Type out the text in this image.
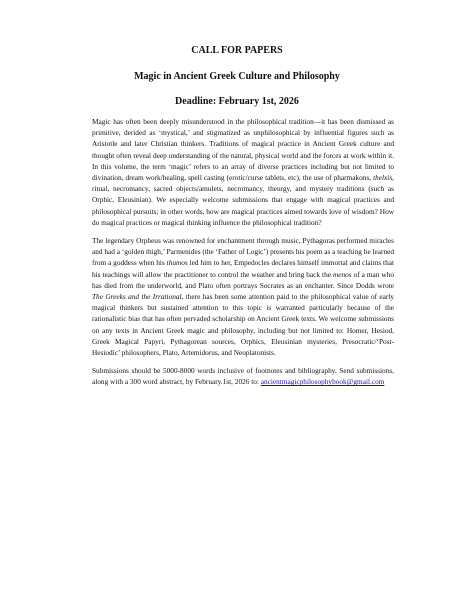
CALL FOR PAPERS

Magic in Ancient Greek Culture and Philosophy

Deadline: February 1st, 2026

Magic has often been deeply misunderstood in the philosophical tradition—it has been dismissed as primitive, derided as ‘mystical,’ and stigmatized as unphilosophical by influential figures such as Aristotle and later Christian thinkers. Traditions of magical practice in Ancient Greek culture and thought often reveal deep understanding of the natural, physical world and the forces at work within it. In this volume, the term ‘magic’ refers to an array of diverse practices including but not limited to divination, dream work/healing, spell casting (erotic/curse tablets, etc), the use of pharmakons, thelxis, ritual, necromancy, sacred objects/amulets, necromancy, theurgy, and mystery traditions (such as Orphic, Eleusinian). We especially welcome submissions that engage with magical practices and philosophical pursuits; in other words, how are magical practices aimed towards love of wisdom? How do magical practices or magical thinking influence the philosophical tradition?

The legendary Orpheus was renowned for enchantment through music, Pythagoras performed miracles and had a ‘golden thigh,’ Parmenides (the ‘Father of Logic’) presents his poem as a teaching he learned from a goddess when his thumos led him to her, Empedocles declares himself immortal and claims that his teachings will allow the practitioner to control the weather and bring back the menos of a man who has died from the underworld, and Plato often portrays Socrates as an enchanter. Since Dodds wrote The Greeks and the Irrational, there has been some attention paid to the philosophical value of early magical thinkers but sustained attention to this topic is warranted particularly because of the rationalistic bias that has often pervaded scholarship on Ancient Greek texts. We welcome submissions on any texts in Ancient Greek magic and philosophy, including but not limited to: Homer, Hesiod, Greek Magical Papyri, Pythagorean sources, Orphics, Eleusinian mysteries, Presocratic/‘Post-Hesiodic’ philosophers, Plato, Artemidorus, and Neoplatonists.

Submissions should be 5000-8000 words inclusive of footnotes and bibliography. Send submissions, along with a 300 word abstract, by February.1st, 2026 to: ancientmagicphilosophybook@gmail.com
